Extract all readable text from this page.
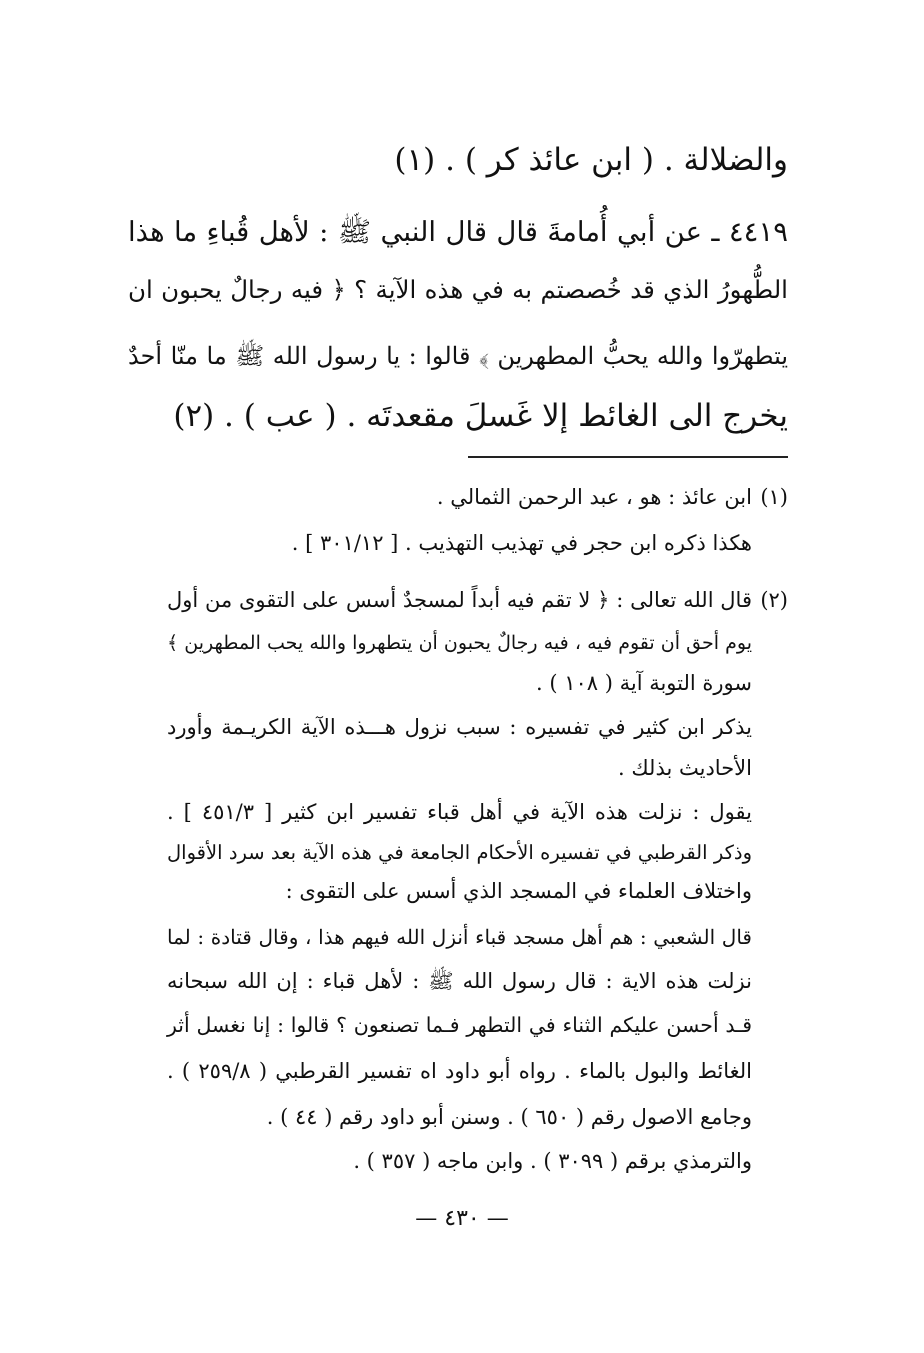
والضلالة . ( ابن عائذ كر ) . (١)
٤٤١٩ ـ عن أبي أُمامةَ قال قال النبي ﷺ : لأهل قُباءِ ما هذا
الطُّهورُ الذي قد خُصصتم به في هذه الآية ؟ ﴿ فيه رجالٌ يحبون ان
يتطهرّوا والله يحبُّ المطهرين ﴾ قالوا : يا رسول الله ﷺ ما منّا أحدٌ
يخرج الى الغائط إلا غَسلَ مقعدتَه . ( عب ) . (٢)
(١)
ابن عائذ : هو ، عبد الرحمن الثمالي .
هكذا ذكره ابن حجر في تهذيب التهذيب . [ ٣٠١/١٢ ] .
(٢)
قال الله تعالى : ﴿ لا تقم فيه أبداً لمسجدٌ أسس على التقوى من أول
يوم أحق أن تقوم فيه ، فيه رجالٌ يحبون أن يتطهروا والله يحب المطهرين ﴾
سورة التوبة آية ( ١٠٨ ) .
يذكر ابن كثير في تفسيره : سبب نزول هـــذه الآية الكريـمة وأورد
الأحاديث بذلك .
يقول : نزلت هذه الآية في أهل قباء تفسير ابن كثير [ ٤٥١/٣ ] .
وذكر القرطبي في تفسيره الأحكام الجامعة في هذه الآية بعد سرد الأقوال
واختلاف العلماء في المسجد الذي أسس على التقوى :
قال الشعبي : هم أهل مسجد قباء أنزل الله فيهم هذا ، وقال قتادة : لما
نزلت هذه الاية : قال رسول الله ﷺ : لأهل قباء : إن الله سبحانه
قـد أحسن عليكم الثناء في التطهر فـما تصنعون ؟ قالوا : إنا نغسل أثر
الغائط والبول بالماء . رواه أبو داود اه تفسير القرطبي ( ٢٥٩/٨ ) .
وجامع الاصول رقم ( ٦٥٠ ) . وسنن أبو داود رقم ( ٤٤ ) .
والترمذي برقم ( ٣٠٩٩ ) . وابن ماجه ( ٣٥٧ ) .
— ٤٣٠ —
